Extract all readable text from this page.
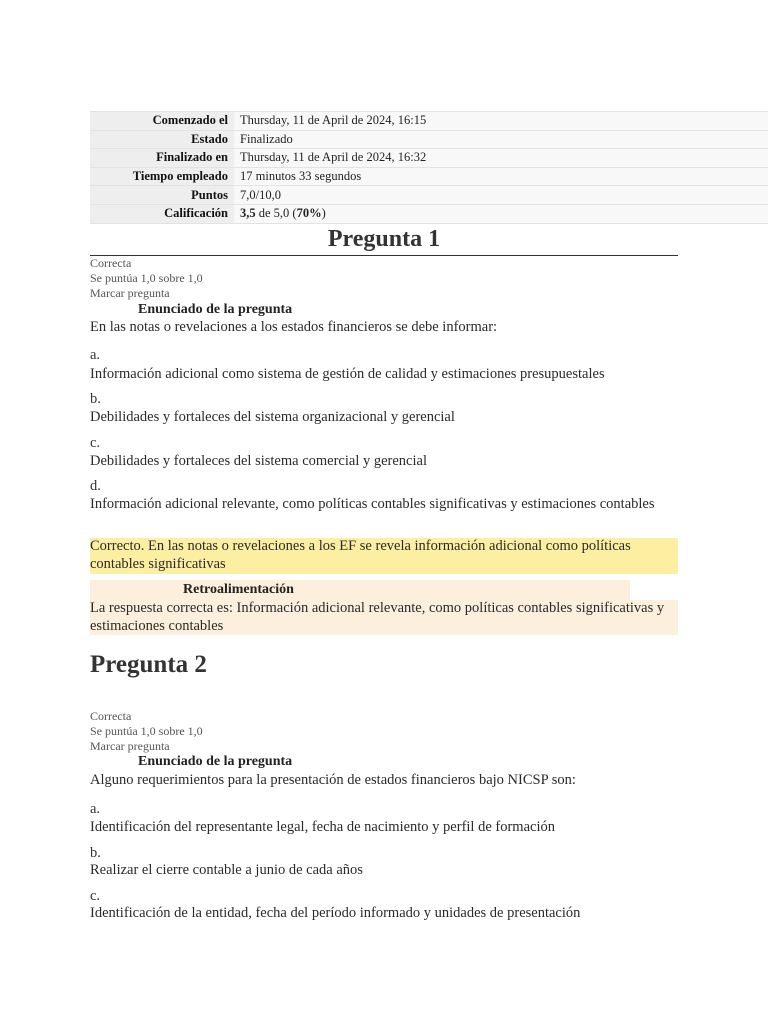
Comenzado el	Thursday, 11 de April de 2024, 16:15
Estado	Finalizado
Finalizado en	Thursday, 11 de April de 2024, 16:32
Tiempo empleado	17 minutos 33 segundos
Puntos	7,0/10,0
Calificación	3,5 de 5,0 (70%)
Pregunta 1
Correcta
Se puntúa 1,0 sobre 1,0
Marcar pregunta
Enunciado de la pregunta
En las notas o revelaciones a los estados financieros se debe informar:
a.
Información adicional como sistema de gestión de calidad y estimaciones presupuestales
b.
Debilidades y fortaleces del sistema organizacional y gerencial
c.
Debilidades y fortaleces del sistema comercial y gerencial
d.
Información adicional relevante, como políticas contables significativas y estimaciones contables
Correcto. En las notas o revelaciones a los EF se revela información adicional como políticas contables significativas
Retroalimentación
La respuesta correcta es: Información adicional relevante, como políticas contables significativas y estimaciones contables
Pregunta 2
Correcta
Se puntúa 1,0 sobre 1,0
Marcar pregunta
Enunciado de la pregunta
Alguno requerimientos para la presentación de estados financieros bajo NICSP son:
a.
Identificación del representante legal, fecha de nacimiento y perfil de formación
b.
Realizar el cierre contable a junio de cada años
c.
Identificación de la entidad, fecha del período informado y unidades de presentación
